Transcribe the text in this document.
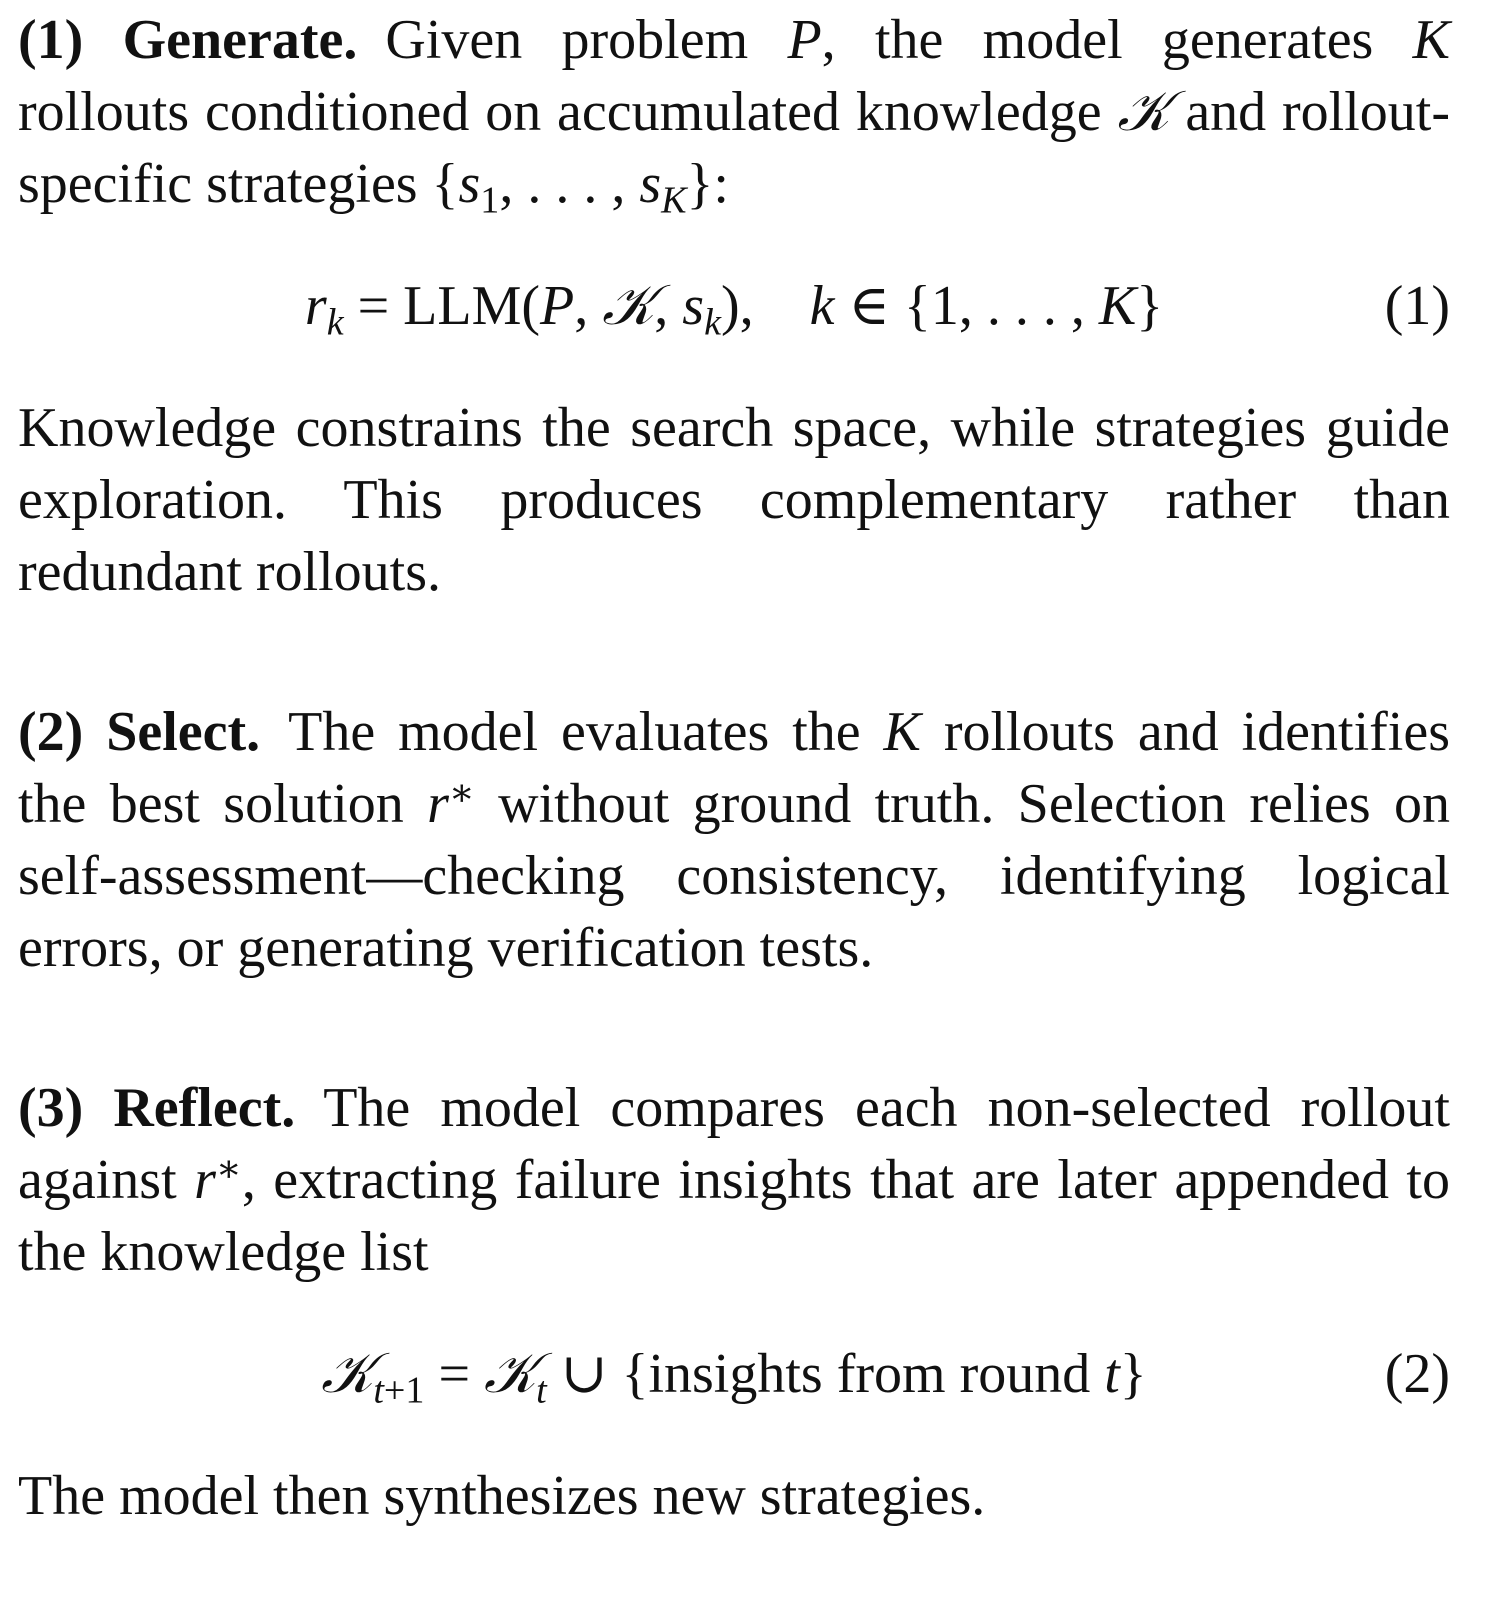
(1) Generate. Given problem P, the model generates K rollouts conditioned on accumulated knowledge 𝒦 and rollout-specific strategies {$s_1$, . . . , $s_K$}:

$r_k = LLM(P$, 𝒦, $s_k$),    k ∈ {1, . . . , K}	(1)

Knowledge constrains the search space, while strategies guide exploration. This produces complementary rather than redundant rollouts.

(2) Select. The model evaluates the K rollouts and identifies the best solution r∗ without ground truth. Selection relies on self-assessment—checking consistency, identifying logical errors, or generating verification tests.

(3) Reflect. The model compares each non-selected rollout against r∗, extracting failure insights that are later appended to the knowledge list

𝒦$_{t+1}$ = 𝒦$_t$ ∪ {insights from round t}	(2)

The model then synthesizes new strategies.
